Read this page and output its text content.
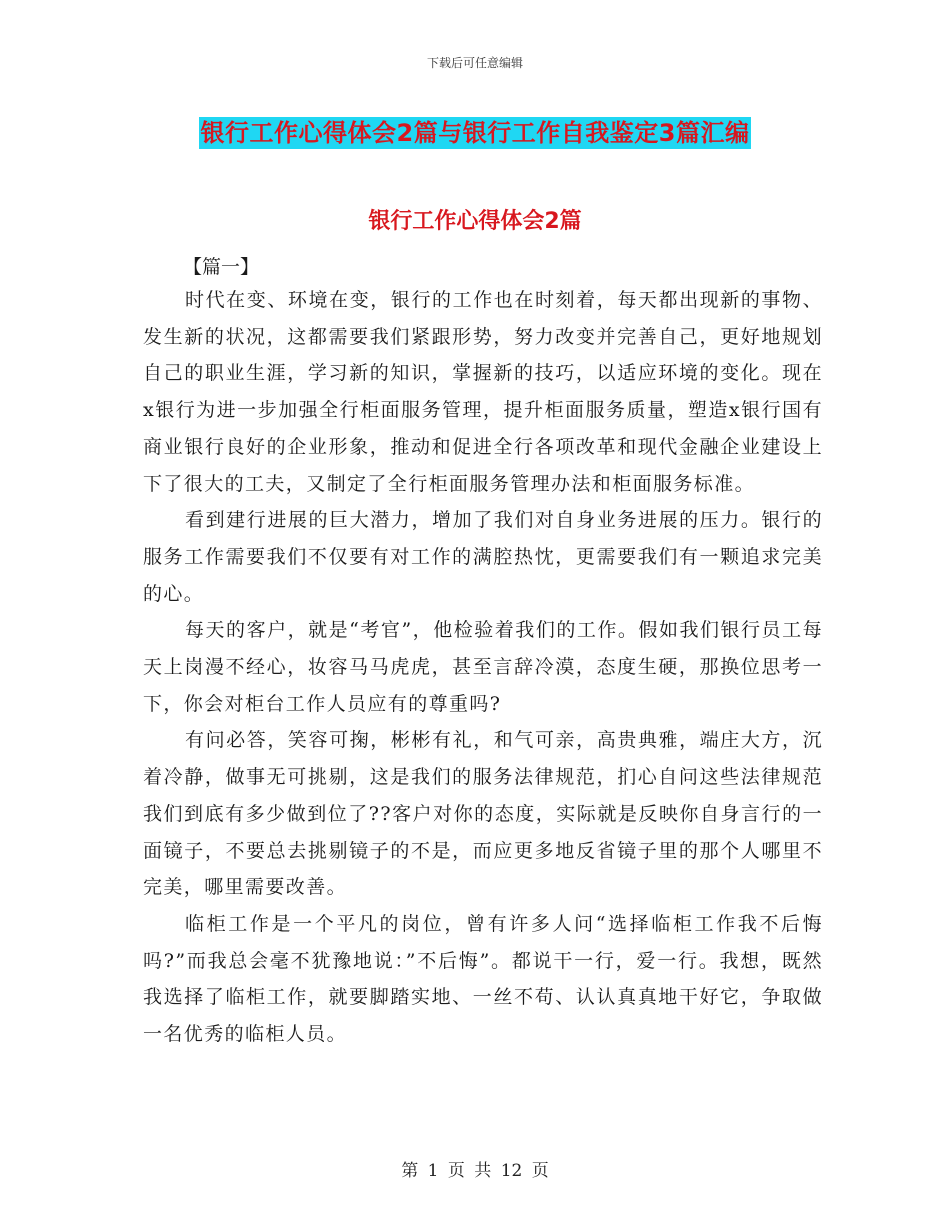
下载后可任意编辑
银行工作心得体会2篇与银行工作自我鉴定3篇汇编
银行工作心得体会2篇
【篇一】

时代在变、环境在变，银行的工作也在时刻着，每天都出现新的事物、发生新的状况，这都需要我们紧跟形势，努力改变并完善自己，更好地规划自己的职业生涯，学习新的知识，掌握新的技巧，以适应环境的变化。现在x银行为进一步加强全行柜面服务管理，提升柜面服务质量，塑造x银行国有商业银行良好的企业形象，推动和促进全行各项改革和现代金融企业建设上下了很大的工夫，又制定了全行柜面服务管理办法和柜面服务标准。

看到建行进展的巨大潜力，增加了我们对自身业务进展的压力。银行的服务工作需要我们不仅要有对工作的满腔热忱，更需要我们有一颗追求完美的心。

每天的客户，就是“考官”，他检验着我们的工作。假如我们银行员工每天上岗漫不经心，妆容马马虎虎，甚至言辞冷漠，态度生硬，那换位思考一下，你会对柜台工作人员应有的尊重吗?

有问必答，笑容可掬，彬彬有礼，和气可亲，高贵典雅，端庄大方，沉着冷静，做事无可挑剔，这是我们的服务法律规范，扪心自问这些法律规范我们到底有多少做到位了??客户对你的态度，实际就是反映你自身言行的一面镜子，不要总去挑剔镜子的不是，而应更多地反省镜子里的那个人哪里不完美，哪里需要改善。

临柜工作是一个平凡的岗位，曾有许多人问“选择临柜工作我不后悔吗?”而我总会毫不犹豫地说：”不后悔”。都说干一行，爱一行。我想，既然我选择了临柜工作，就要脚踏实地、一丝不苟、认认真真地干好它，争取做一名优秀的临柜人员。

第 1 页 共 12 页
